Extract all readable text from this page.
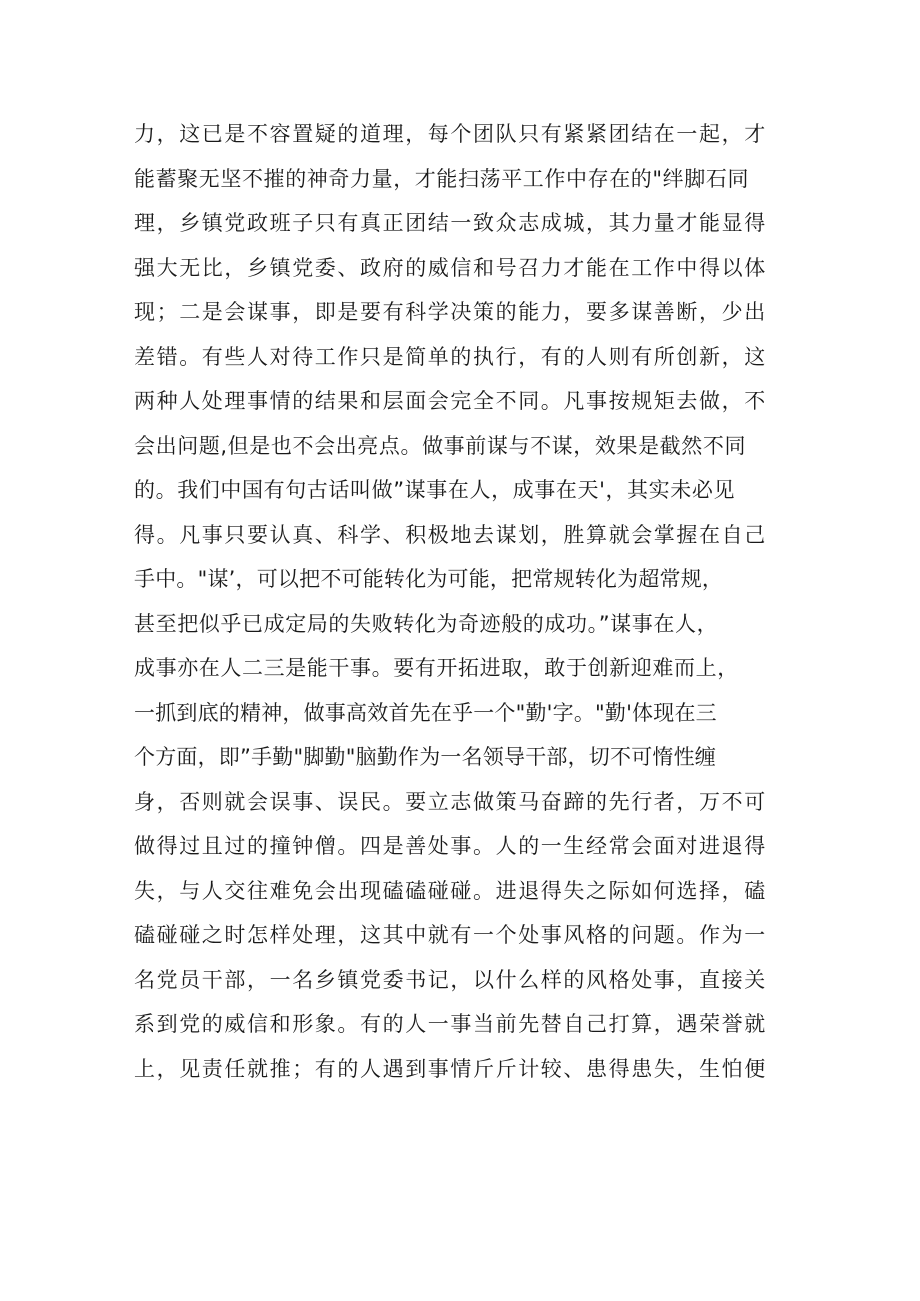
力，这已是不容置疑的道理，每个团队只有紧紧团结在一起，才
能蓄聚无坚不摧的神奇力量，才能扫荡平工作中存在的"绊脚石同
理，乡镇党政班子只有真正团结一致众志成城，其力量才能显得
强大无比，乡镇党委、政府的威信和号召力才能在工作中得以体
现；二是会谋事，即是要有科学决策的能力，要多谋善断，少出
差错。有些人对待工作只是简单的执行，有的人则有所创新，这
两种人处理事情的结果和层面会完全不同。凡事按规矩去做，不
会出问题,但是也不会出亮点。做事前谋与不谋，效果是截然不同
的。我们中国有句古话叫做”谋事在人，成事在天'，其实未必见
得。凡事只要认真、科学、积极地去谋划，胜算就会掌握在自己
手中。"谋’，可以把不可能转化为可能，把常规转化为超常规，
甚至把似乎已成定局的失败转化为奇迹般的成功。”谋事在人，
成事亦在人二三是能干事。要有开拓进取，敢于创新迎难而上，
一抓到底的精神，做事高效首先在乎一个"勤'字。"勤'体现在三
个方面，即”手勤"脚勤"脑勤作为一名领导干部，切不可惰性缠
身，否则就会误事、误民。要立志做策马奋蹄的先行者，万不可
做得过且过的撞钟僧。四是善处事。人的一生经常会面对进退得
失，与人交往难免会出现磕磕碰碰。进退得失之际如何选择，磕
磕碰碰之时怎样处理，这其中就有一个处事风格的问题。作为一
名党员干部，一名乡镇党委书记，以什么样的风格处事，直接关
系到党的威信和形象。有的人一事当前先替自己打算，遇荣誉就
上，见责任就推；有的人遇到事情斤斤计较、患得患失，生怕便
